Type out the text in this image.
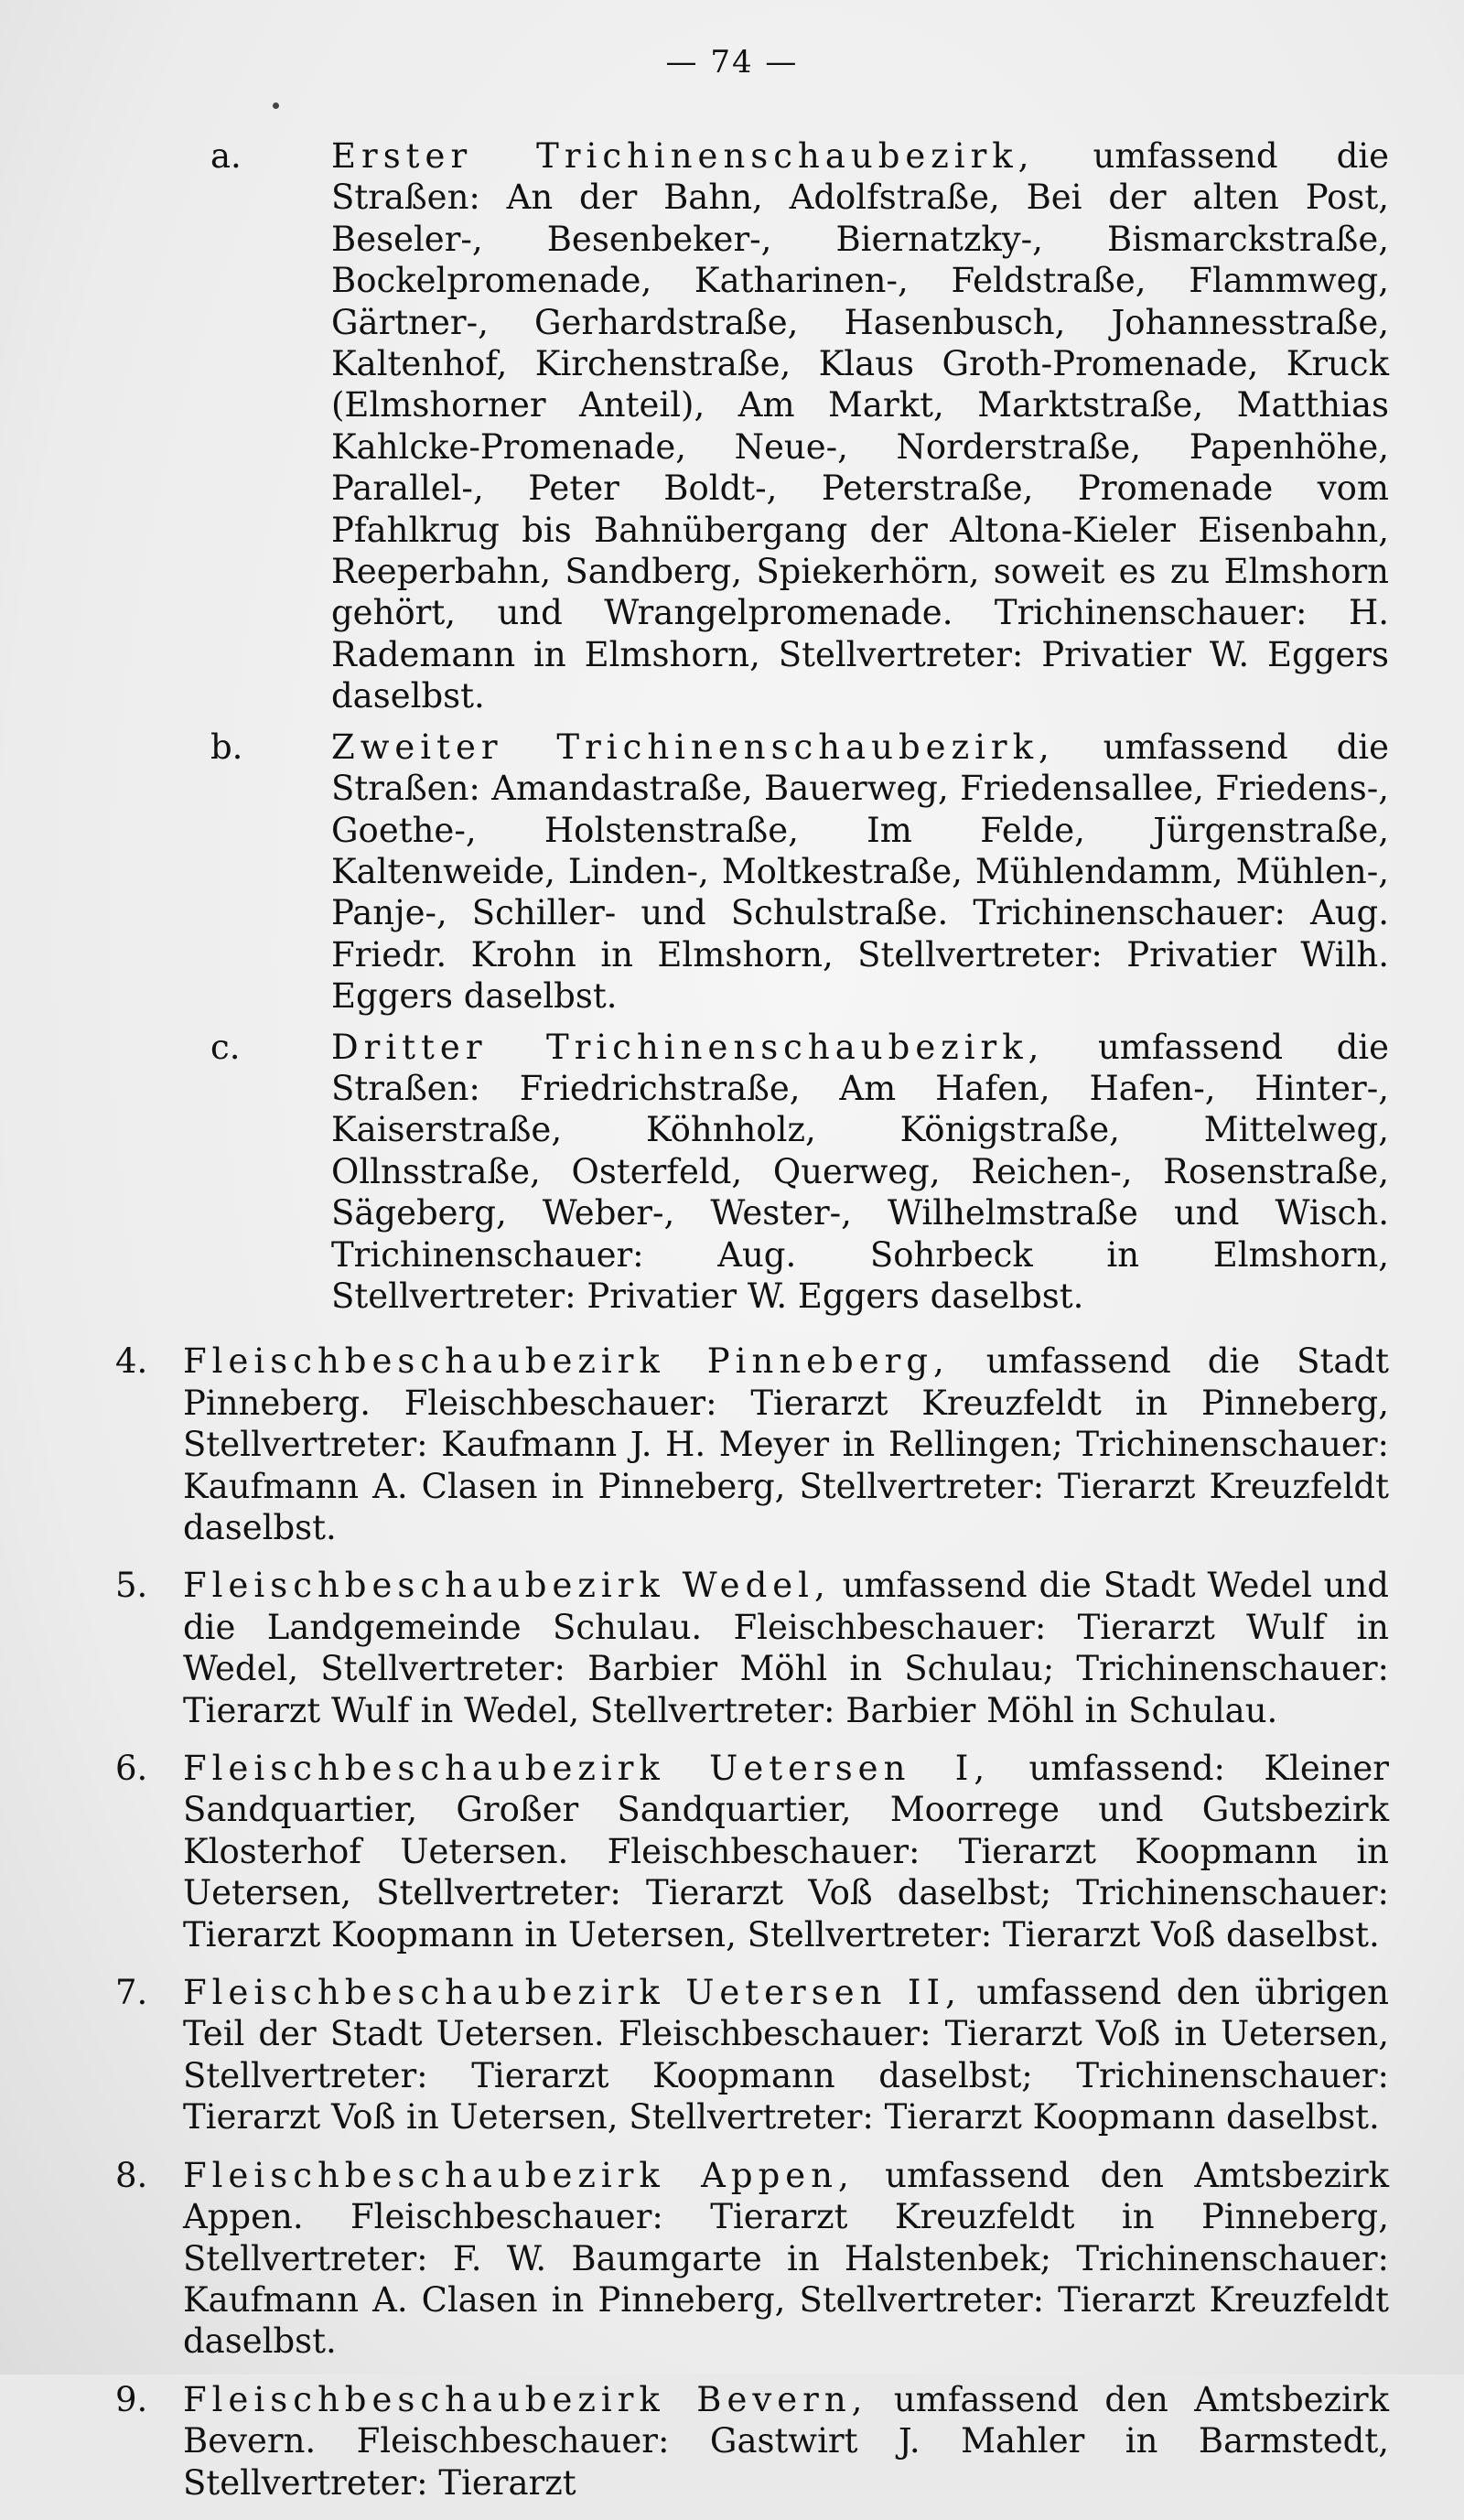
— 74 —
a.	Erster Trichinenschaubezirk, umfassend die Straßen: An der Bahn, Adolfstraße, Bei der alten Post, Beseler-, Besenbeker-, Biernatzky-, Bismarckstraße, Bockelpromenade, Katharinen-, Feldstraße, Flammweg, Gärtner-, Gerhardstraße, Hasenbusch, Johannesstraße, Kaltenhof, Kirchenstraße, Klaus Groth-Promenade, Kruck (Elmshorner Anteil), Am Markt, Marktstraße, Matthias Kahlcke-Promenade, Neue-, Norderstraße, Papenhöhe, Parallel-, Peter Boldt-, Peterstraße, Promenade vom Pfahlkrug bis Bahnübergang der Altona-Kieler Eisenbahn, Reeperbahn, Sandberg, Spiekerhörn, soweit es zu Elmshorn gehört, und Wrangelpromenade. Trichinenschauer: H. Rademann in Elmshorn, Stellvertreter: Privatier W. Eggers daselbst.
b.	Zweiter Trichinenschaubezirk, umfassend die Straßen: Amandastraße, Bauerweg, Friedensallee, Friedens-, Goethe-, Holstenstraße, Im Felde, Jürgenstraße, Kaltenweide, Linden-, Moltkestraße, Mühlendamm, Mühlen-, Panje-, Schiller- und Schulstraße. Trichinenschauer: Aug. Friedr. Krohn in Elmshorn, Stellvertreter: Privatier Wilh. Eggers daselbst.
c.	Dritter Trichinenschaubezirk, umfassend die Straßen: Friedrichstraße, Am Hafen, Hafen-, Hinter-, Kaiserstraße, Köhnholz, Königstraße, Mittelweg, Ollnsstraße, Osterfeld, Querweg, Reichen-, Rosenstraße, Sägeberg, Weber-, Wester-, Wilhelmstraße und Wisch. Trichinenschauer: Aug. Sohrbeck in Elmshorn, Stellvertreter: Privatier W. Eggers daselbst.
4. Fleischbeschaubezirk Pinneberg, umfassend die Stadt Pinneberg. Fleischbeschauer: Tierarzt Kreuzfeldt in Pinneberg, Stellvertreter: Kaufmann J. H. Meyer in Rellingen; Trichinenschauer: Kaufmann A. Clasen in Pinneberg, Stellvertreter: Tierarzt Kreuzfeldt daselbst.
5. Fleischbeschaubezirk Wedel, umfassend die Stadt Wedel und die Landgemeinde Schulau. Fleischbeschauer: Tierarzt Wulf in Wedel, Stellvertreter: Barbier Möhl in Schulau; Trichinenschauer: Tierarzt Wulf in Wedel, Stellvertreter: Barbier Möhl in Schulau.
6. Fleischbeschaubezirk Uetersen I, umfassend: Kleiner Sandquartier, Großer Sandquartier, Moorrege und Gutsbezirk Klosterhof Uetersen. Fleischbeschauer: Tierarzt Koopmann in Uetersen, Stellvertreter: Tierarzt Voß daselbst; Trichinenschauer: Tierarzt Koopmann in Uetersen, Stellvertreter: Tierarzt Voß daselbst.
7. Fleischbeschaubezirk Uetersen II, umfassend den übrigen Teil der Stadt Uetersen. Fleischbeschauer: Tierarzt Voß in Uetersen, Stellvertreter: Tierarzt Koopmann daselbst; Trichinenschauer: Tierarzt Voß in Uetersen, Stellvertreter: Tierarzt Koopmann daselbst.
8. Fleischbeschaubezirk Appen, umfassend den Amtsbezirk Appen. Fleischbeschauer: Tierarzt Kreuzfeldt in Pinneberg, Stellvertreter: F. W. Baumgarte in Halstenbek; Trichinenschauer: Kaufmann A. Clasen in Pinneberg, Stellvertreter: Tierarzt Kreuzfeldt daselbst.
9. Fleischbeschaubezirk Bevern, umfassend den Amtsbezirk Bevern. Fleischbeschauer: Gastwirt J. Mahler in Barmstedt, Stellvertreter: Tierarzt
